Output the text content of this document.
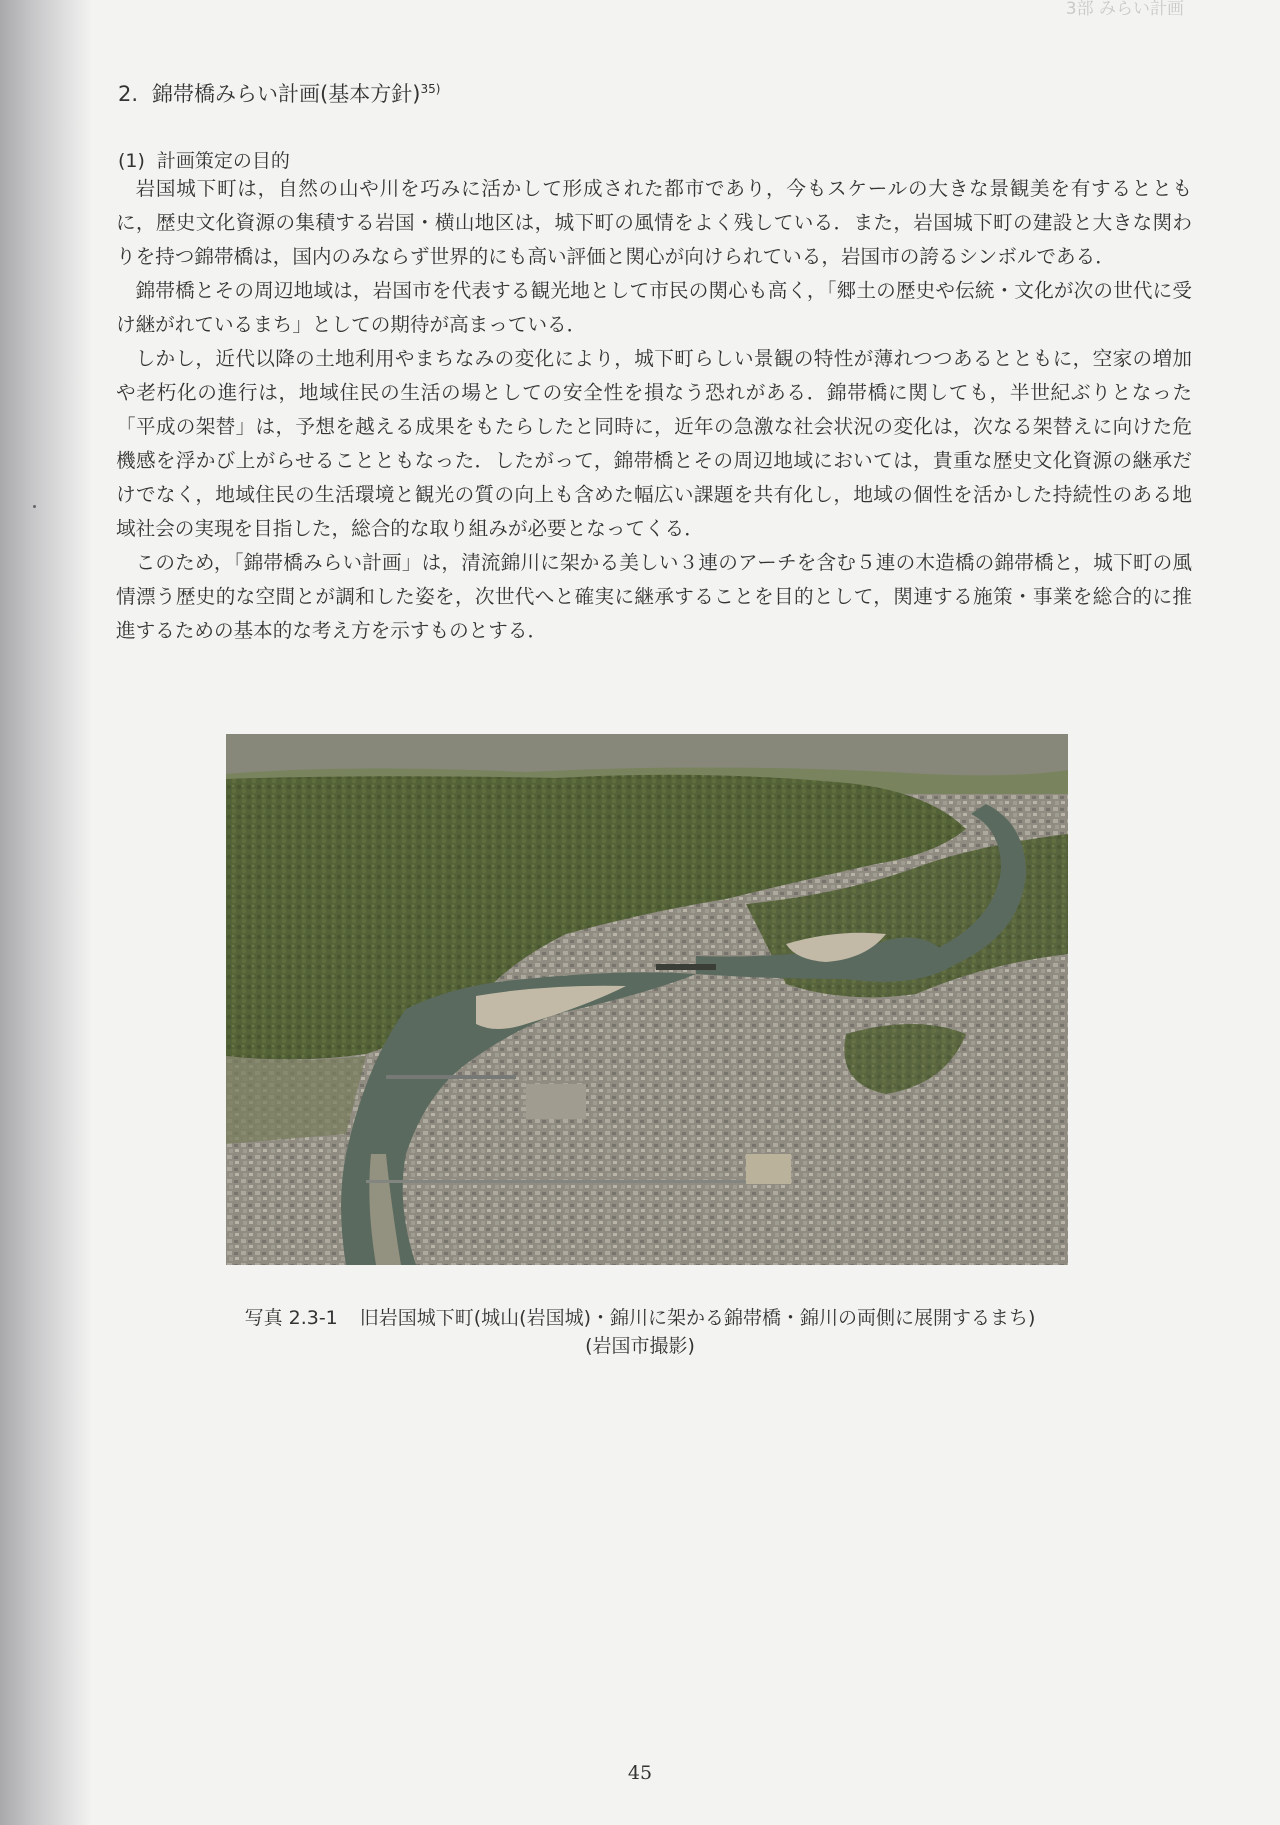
3部 みらい計画
2. 錦帯橋みらい計画(基本方針)$^{35)}$
(1) 計画策定の目的

岩国城下町は，自然の山や川を巧みに活かして形成された都市であり，今もスケールの大きな景観美を有するとともに，歴史文化資源の集積する岩国・横山地区は，城下町の風情をよく残している．また，岩国城下町の建設と大きな関わりを持つ錦帯橋は，国内のみならず世界的にも高い評価と関心が向けられている，岩国市の誇るシンボルである．

錦帯橋とその周辺地域は，岩国市を代表する観光地として市民の関心も高く，「郷土の歴史や伝統・文化が次の世代に受け継がれているまち」としての期待が高まっている．

しかし，近代以降の土地利用やまちなみの変化により，城下町らしい景観の特性が薄れつつあるとともに，空家の増加や老朽化の進行は，地域住民の生活の場としての安全性を損なう恐れがある．錦帯橋に関しても，半世紀ぶりとなった「平成の架替」は，予想を越える成果をもたらしたと同時に，近年の急激な社会状況の変化は，次なる架替えに向けた危機感を浮かび上がらせることともなった．したがって，錦帯橋とその周辺地域においては，貴重な歴史文化資源の継承だけでなく，地域住民の生活環境と観光の質の向上も含めた幅広い課題を共有化し，地域の個性を活かした持続性のある地域社会の実現を目指した，総合的な取り組みが必要となってくる．

このため，「錦帯橋みらい計画」は，清流錦川に架かる美しい３連のアーチを含む５連の木造橋の錦帯橋と，城下町の風情漂う歴史的な空間とが調和した姿を，次世代へと確実に継承することを目的として，関連する施策・事業を総合的に推進するための基本的な考え方を示すものとする．

写真 2.3-1 旧岩国城下町(城山(岩国城)・錦川に架かる錦帯橋・錦川の両側に展開するまち)
(岩国市撮影)
45
